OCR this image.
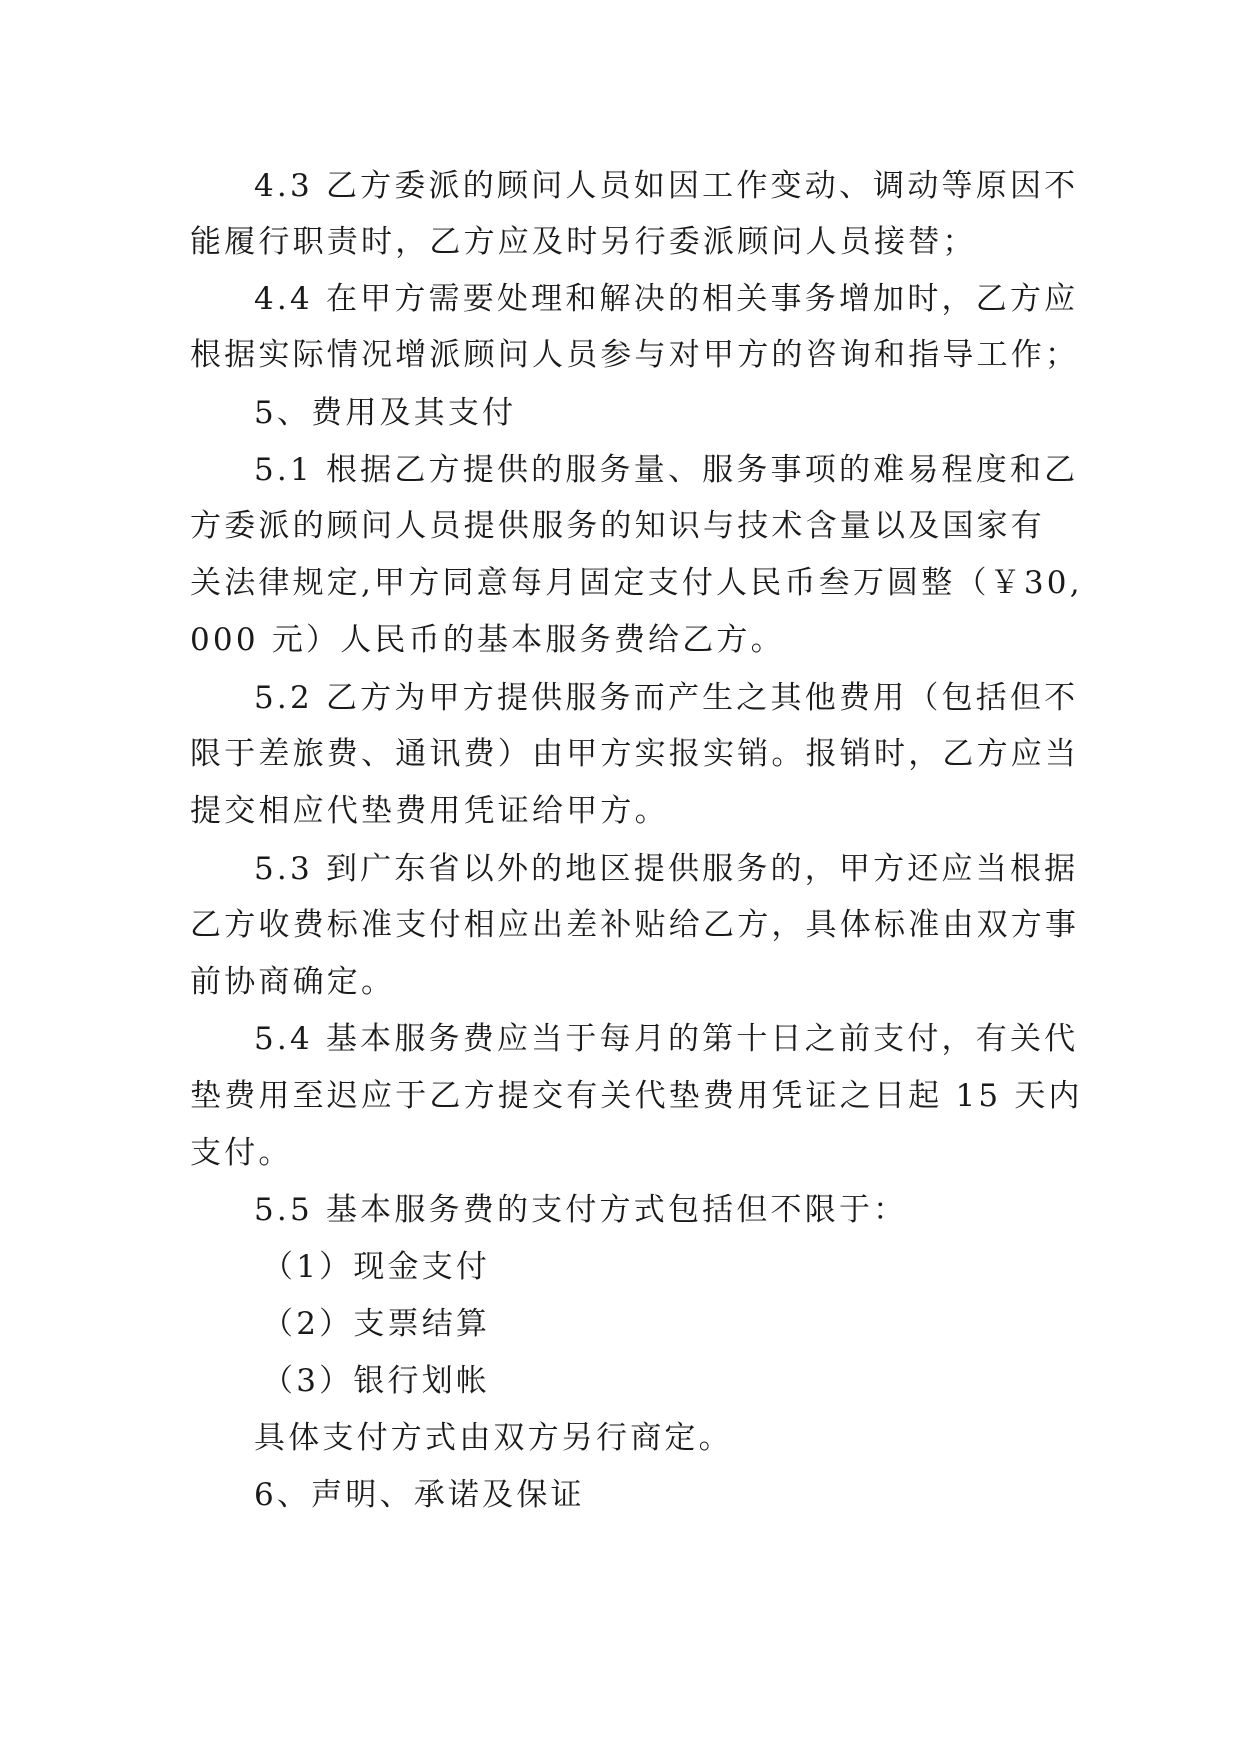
4.3 乙方委派的顾问人员如因工作变动、调动等原因不

能履行职责时，乙方应及时另行委派顾问人员接替；

4.4 在甲方需要处理和解决的相关事务增加时，乙方应

根据实际情况增派顾问人员参与对甲方的咨询和指导工作；

5、费用及其支付

5.1 根据乙方提供的服务量、服务事项的难易程度和乙

方委派的顾问人员提供服务的知识与技术含量以及国家有

关法律规定,甲方同意每月固定支付人民币叁万圆整（￥30,

000 元）人民币的基本服务费给乙方。

5.2 乙方为甲方提供服务而产生之其他费用（包括但不

限于差旅费、通讯费）由甲方实报实销。报销时，乙方应当

提交相应代垫费用凭证给甲方。

5.3 到广东省以外的地区提供服务的，甲方还应当根据

乙方收费标准支付相应出差补贴给乙方，具体标准由双方事

前协商确定。

5.4 基本服务费应当于每月的第十日之前支付，有关代

垫费用至迟应于乙方提交有关代垫费用凭证之日起 15 天内

支付。

5.5 基本服务费的支付方式包括但不限于：

（1）现金支付

（2）支票结算

（3）银行划帐

具体支付方式由双方另行商定。

6、声明、承诺及保证
